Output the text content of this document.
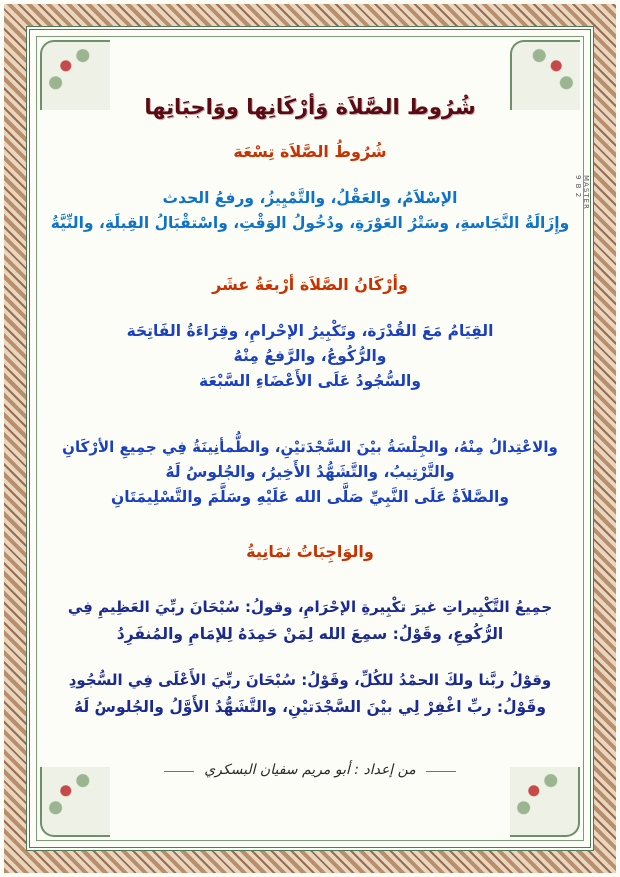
MASTER
9 B 2
شُرُوط الصَّلاَة وَأرْكَانِها ووَاجبَاتِها
شُرُوطُ الصَّلاَة تِسْعَة
الإسْلاَمُ، والعَقْلُ، والتَّمْيِيزُ، ورفعُ الحدث
وإِزَالَةُ النَّجَاسةِ، وسَتْرُ العَوْرَةِ، ودُخُولُ الوَقْتِ، واسْتقْبَالُ القِبلَةِ، والنِّيَّةُ
وأرْكَانُ الصَّلاَة أرْبعَةُ عشَر
القِيَامُ مَعَ القُدْرَة، وتَكْبِيرُ الإحْرامِ، وقِرَاءَةُ الفَاتِحَة
والرُّكُوعُ، والرَّفعُ مِنْهُ
والسُّجُودُ عَلَى الأَعْضَاءِ السَّبْعَة
والاعْتِدالُ مِنْهُ، والجِلْسَةُ بيْنَ السَّجْدَتيْنِ، والطُّمأنِينَةُ فِي جمِيعِ الأرْكَانِ
والتَّرْتِيبُ، والتَّشَهُّدُ الأَخِيرُ، والجُلوسُ لَهُ
والصَّلاَةُ عَلَى النَّبِيِّ صَلَّى الله عَلَيْهِ وسَلَّمَ والتَّسْلِيمَتَانِ
والوَاجِبَاتُ ثمَانِيةُ
جمِيعُ التَّكْبِيراتِ غيرَ تكْبِيرةِ الإحْرَامِ، وقولُ: سُبْحَانَ ربِّيَ العَظِيمِ فِي
الرُّكُوعِ، وقَوْلُ: سمِعَ الله لِمَنْ حَمِدَهُ لِلإمَامِ والمُنفَرِدُ
وقوْلُ ربَّنا ولكَ الحمْدُ للكُلِّ، وقَوْلُ: سُبْحَانَ ربِّيَ الأَعْلَى فِي السُّجُودِ
وقَوْلُ: ربِّ اغْفِرْ لِي بيْنَ السَّجْدَتيْنِ، والتَّشَهُّدُ الأَوَّلُ والجُلوسُ لَهُ
من إعداد : أبو مريم سفيان البسكري
